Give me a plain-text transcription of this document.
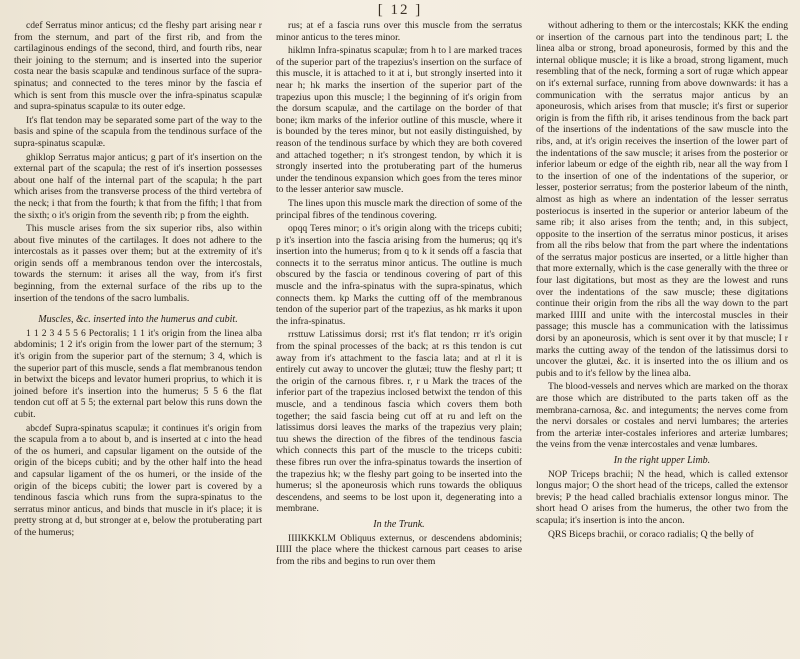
[ 12 ]

cdef Serratus minor anticus; cd the fleshy part arising near r from the sternum, and part of the first rib, and from the cartilaginous endings of the second, third, and fourth ribs, near their joining to the sternum; and is inserted into the superior costa near the basis scapulæ and tendinous surface of the supra-spinatus; and connected to the teres minor by the fascia ef which is sent from this muscle over the infra-spinatus scapulæ and supra-spinatus scapulæ to its outer edge.

It's flat tendon may be separated some part of the way to the basis and spine of the scapula from the tendinous surface of the supra-spinatus scapulæ.

ghiklop Serratus major anticus; g part of it's insertion on the external part of the scapula; the rest of it's insertion possesses about one half of the internal part of the scapula; h the part which arises from the transverse process of the third vertebra of the neck; i that from the fourth; k that from the fifth; l that from the sixth; o it's origin from the seventh rib; p from the eighth.

This muscle arises from the six superior ribs, also within about five minutes of the cartilages. It does not adhere to the intercostals as it passes over them; but at the extremity of it's origin sends off a membranous tendon over the intercostals, towards the sternum: it arises all the way, from it's first beginning, from the external surface of the ribs up to the insertion of the tendons of the sacro lumbalis.

Muscles, &c. inserted into the humerus and cubit.

1 1 2 3 4 5 5 6 Pectoralis; 1 1 it's origin from the linea alba abdominis; 1 2 it's origin from the lower part of the sternum; 3 it's origin from the superior part of the sternum; 3 4, which is the superior part of this muscle, sends a flat membranous tendon in betwixt the biceps and levator humeri proprius, to which it is joined before it's insertion into the humerus; 5 5 6 the flat tendon cut off at 5 5; the external part below this runs down the cubit.

abcdef Supra-spinatus scapulæ; it continues it's origin from the scapula from a to about b, and is inserted at c into the head of the os humeri, and capsular ligament on the outside of the origin of the biceps cubiti; and by the other half into the head and capsular ligament of the os humeri, or the inside of the origin of the biceps cubiti; the lower part is covered by a tendinous fascia which runs from the supra-spinatus to the serratus minor anticus, and binds that muscle in it's place; it is pretty strong at d, but stronger at e, below the protuberating part of the humerus;

rus; at ef a fascia runs over this muscle from the serratus minor anticus to the teres minor.

hiklmn Infra-spinatus scapulæ; from h to l are marked traces of the superior part of the trapezius's insertion on the surface of this muscle, it is attached to it at i, but strongly inserted into it near h; hk marks the insertion of the superior part of the trapezius upon this muscle; l the beginning of it's origin from the dorsum scapulæ, and the cartilage on the border of that bone; ikm marks of the inferior outline of this muscle, where it is bounded by the teres minor, but not easily distinguished, by reason of the tendinous surface by which they are both covered and attached together; n it's strongest tendon, by which it is strongly inserted into the protuberating part of the humerus under the tendinous expansion which goes from the teres minor to the lesser anterior saw muscle.

The lines upon this muscle mark the direction of some of the principal fibres of the tendinous covering.

opqq Teres minor; o it's origin along with the triceps cubiti; p it's insertion into the fascia arising from the humerus; qq it's insertion into the humerus; from q to k it sends off a fascia that connects it to the serratus minor anticus. The outline is much obscured by the fascia or tendinous covering of part of this muscle and the infra-spinatus with the supra-spinatus, which connects them. kp Marks the cutting off of the membranous tendon of the superior part of the trapezius, as hk marks it upon the infra-spinatus.

rrsttuw Latissimus dorsi; rrst it's flat tendon; rr it's origin from the spinal processes of the back; at rs this tendon is cut away from it's attachment to the fascia lata; and at rl it is entirely cut away to uncover the glutæi; ttuw the fleshy part; tt the origin of the carnous fibres. r, r u Mark the traces of the inferior part of the trapezius inclosed betwixt the tendon of this muscle, and a tendinous fascia which covers them both together; the said fascia being cut off at ru and left on the latissimus dorsi leaves the marks of the trapezius very plain; tuu shews the direction of the fibres of the tendinous fascia which connects this part of the muscle to the triceps cubiti: these fibres run over the infra-spinatus towards the insertion of the trapezius hk; w the fleshy part going to be inserted into the humerus; sl the aponeurosis which runs towards the obliquus descendens, and seems to be lost upon it, degenerating into a membrane.

In the Trunk.

IIIIKKKLM Obliquus externus, or descendens abdominis; IIIII the place where the thickest carnous part ceases to arise from the ribs and begins to run over them

without adhering to them or the intercostals; KKK the ending or insertion of the carnous part into the tendinous part; L the linea alba or strong, broad aponeurosis, formed by this and the internal oblique muscle; it is like a broad, strong ligament, much resembling that of the neck, forming a sort of rugæ which appear on it's external surface, running from above downwards: it has a communication with the serratus major anticus by an aponeurosis, which arises from that muscle; it's first or superior origin is from the fifth rib, it arises tendinous from the back part of the insertions of the indentations of the saw muscle into the ribs, and, at it's origin receives the insertion of the lower part of the indentations of the saw muscle; it arises from the posterior or inferior labeum or edge of the eighth rib, near all the way from I to the insertion of one of the indentations of the superior, or lesser, posterior serratus; from the posterior labeum of the ninth, almost as high as where an indentation of the lesser serratus posteriocus is inserted in the superior or anterior labeum of the same rib; it also arises from the tenth; and, in this subject, opposite to the insertion of the serratus minor posticus, it arises from all the ribs below that from the part where the indentations of the serratus major posticus are inserted, or a little higher than that more externally, which is the case generally with the three or four last digitations, but most as they are the lowest and runs over the indentations of the saw muscle; these digitations continue their origin from the ribs all the way down to the part marked IIIII and unite with the intercostal muscles in their passage; this muscle has a communication with the latissimus dorsi by an aponeurosis, which is sent over it by that muscle; I r marks the cutting away of the tendon of the latissimus dorsi to uncover the glutæi, &c. it is inserted into the os illium and os pubis and to it's fellow by the linea alba.

The blood-vessels and nerves which are marked on the thorax are those which are distributed to the parts taken off as the membrana-carnosa, &c. and integuments; the nerves come from the nervi dorsales or costales and nervi lumbares; the arteries from the arteriæ inter-costales inferiores and arteriæ lumbares; the veins from the venæ intercostales and venæ lumbares.

In the right upper Limb.

NOP Triceps brachii; N the head, which is called extensor longus major; O the short head of the triceps, called the extensor brevis; P the head called brachialis extensor longus minor. The short head O arises from the humerus, the other two from the scapula; it's insertion is into the ancon.

QRS Biceps brachii, or coraco radialis; Q the belly of
